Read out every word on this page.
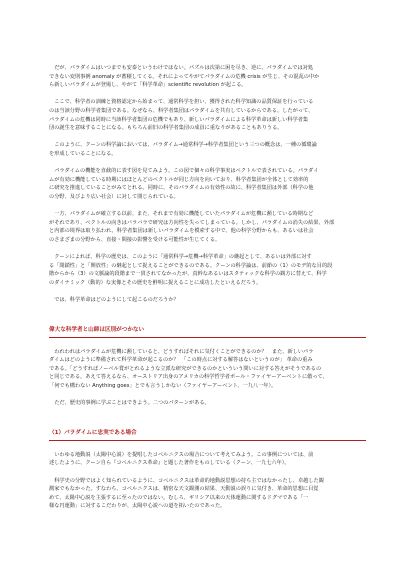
　だが、パラダイムはいつまでも安泰というわけではない。パズルは次第に困を尽き、逆に、パラダイムでは対処
できない変則事例 anomaly が蓄積してくる。それによってやがてパラダイムの危機 crisis が生じ、その混乱の中か
ら新しいパラダイムが登場し、やがて「科学革命」scientific revolution が起こる。

　ここで、科学者の訓練と資格認定から始まって、通常科学を担い、獲得された科学知識の品質保証を行っている
のは当該分野の科学者集団である。なぜなら、科学者集団はパラダイムを共有しているからである。したがって、
パラダイムの危機は同時に当該科学者集団の危機でもあり、新しいパラダイムによる科学革命は新しい科学者集
団の誕生を意味することになる。もちろん前旧の科学者集団の成員に重なりがあることもありうる。

　このように、クーンの科学論においては、パラダイム→通常科学→科学者集団という三つの概念は、一種の循環論
を形成していることになる。

　パラダイムの機能を直截的に表す図を見てみよう。この図で個々の科学事実はベクトルで表されている。パラダイ
ムが有効に機能している時期にはほとんどのベクトルが同じ方向を向いており、科学者集団が全体として効率的
に研究を推進していることがみてとれる。同時に、そのパラダイムの有効性の故に、科学者集団は外部（科学の他
の分野、及びより広い社会）に対して閉じられている。

　一方、パラダイムが確立する以前、また、それまで有効に機能していたパラダイムが危機に瀕している時期など
がそれであり、ベクトルの向きはバラバラで研究は方向性を失ってしまっている。しかし、パラダイムの消失の結果、外部
と内部の境界は取り払われ、科学者集団は新しいパラダイムを模索する中で、他の科学分野からも、あるいは社会
のさまざまの分野から、直接・間接の影響を受ける可能性が生じてくる。

　クーンによれば、科学の歴史は、このように「通常科学→危機→科学革命」の継起として、あるいは外部に対す
る「閉鎖性」と「開放性」の継起として捉えることができるのである。クーンの科学論は、前節の（1）のモデ的な目的段
階からから（3）の文脈論的段階まで一貫されてなかったが、真幹なあるいはスタティックな科学の観方に替えて、科学
のダイナミック（動的）な実像とその歴史を鮮明に捉えることに成功したといえるだろう。

　では、科学革命はどのようにして起こるのだろうか？

偉大な科学者と山師は区別がつかない

　われわれはパラダイムが危機に瀕していると、どうすればそれに気付くことができるのか？　また、新しいパラ
ダイムはどのように準備されて科学革命が起こるのか？　「この時点に対する解答はないというのが」 革命の重み
である。「どうすればノーベル賞がとれるような立派な研究ができるのかといういう問いに対する答えがそうであるの
と同じである。あえて答えるなら、オーストリア出身のアメリカの科学哲学者ポール・ファイヤーアーベントに倣って、
「何でも構わない Anything goes」とでも言うしかない（ファイヤーアーベント、一九八一年）。

　ただ、歴史的事例に学ぶことはできよう。二つのパターンがある。

（1）パラダイムに忠実である場合

　いわゆる地動説（太陽中心説）を提唱したコペルニクスの場合について考えてみよう。この事例については、前
述したように、クーン自ら『コペルニクス革命』と題した著作をものしている（クーン、一九七六年）。

　科学史の分野ではよく知られているように、コペルニクスは革命的地動説思想の持ち主ではなかったし、卓越した観
測家でもなかった。すなわち、コペルニクスは、精密な天文観測の結果、天動説の誤りに気付き、革命的思想に目覚
めて、太陽中心説を主張するに至ったのではない。むしろ、ギリシア以来の天体運動に関するドグマである「一
様な円運動」に対するこだわりが、太陽中心説への道を拓いたのであった。
